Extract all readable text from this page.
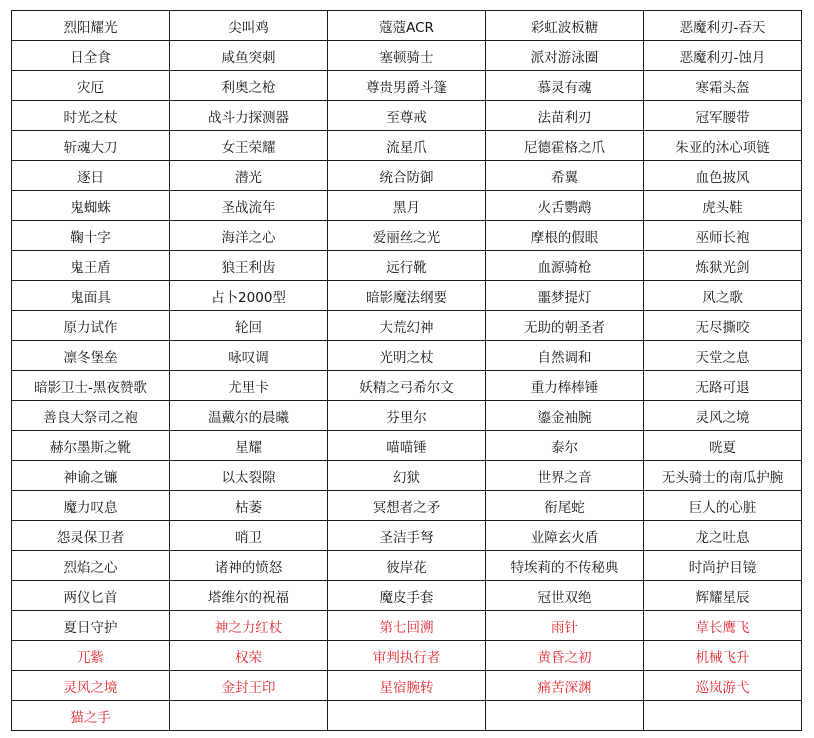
烈阳耀光	尖叫鸡	蔻蔻ACR	彩虹波板糖	恶魔利刃-吞天
日全食	咸鱼突刺	塞顿骑士	派对游泳圈	恶魔利刃-蚀月
灾厄	利奥之枪	尊贵男爵斗篷	慕灵有魂	寒霜头盔
时光之杖	战斗力探测器	至尊戒	法苗利刃	冠军腰带
斩魂大刀	女王荣耀	流星爪	尼德霍格之爪	朱亚的沐心项链
逐日	潜光	统合防御	希翼	血色披风
鬼蜘蛛	圣战流年	黑月	火舌鹦鹉	虎头鞋
鞠十字	海洋之心	爱丽丝之光	摩根的假眼	巫师长袍
鬼王盾	狼王利齿	远行靴	血源骑枪	炼狱光剑
鬼面具	占卜2000型	暗影魔法纲要	噩梦提灯	风之歌
原力试作	轮回	大荒幻神	无助的朝圣者	无尽撕咬
凛冬堡垒	咏叹调	光明之杖	自然调和	天堂之息
暗影卫士-黑夜赞歌	尤里卡	妖精之弓希尔文	重力棒棒锤	无路可退
善良大祭司之袍	温戴尔的晨曦	芬里尔	鎏金袖腕	灵风之境
赫尔墨斯之靴	星耀	喵喵锤	泰尔	咣夏
神谕之镰	以太裂隙	幻狱	世界之音	无头骑士的南瓜护腕
魔力叹息	枯萎	冥想者之矛	衔尾蛇	巨人的心脏
怨灵保卫者	哨卫	圣洁手弩	业障玄火盾	龙之吐息
烈焰之心	诸神的愤怒	彼岸花	特埃莉的不传秘典	时尚护目镜
两仪匕首	塔维尔的祝福	魔皮手套	冠世双绝	辉耀星辰
夏日守护	神之力红杖	第七回溯	雨针	草长鹰飞
兀紫	权荣	审判执行者	黄昏之初	机械飞升
灵风之境	金封王印	星宿腕转	痛苦深渊	巡岚游弋
猫之手				
